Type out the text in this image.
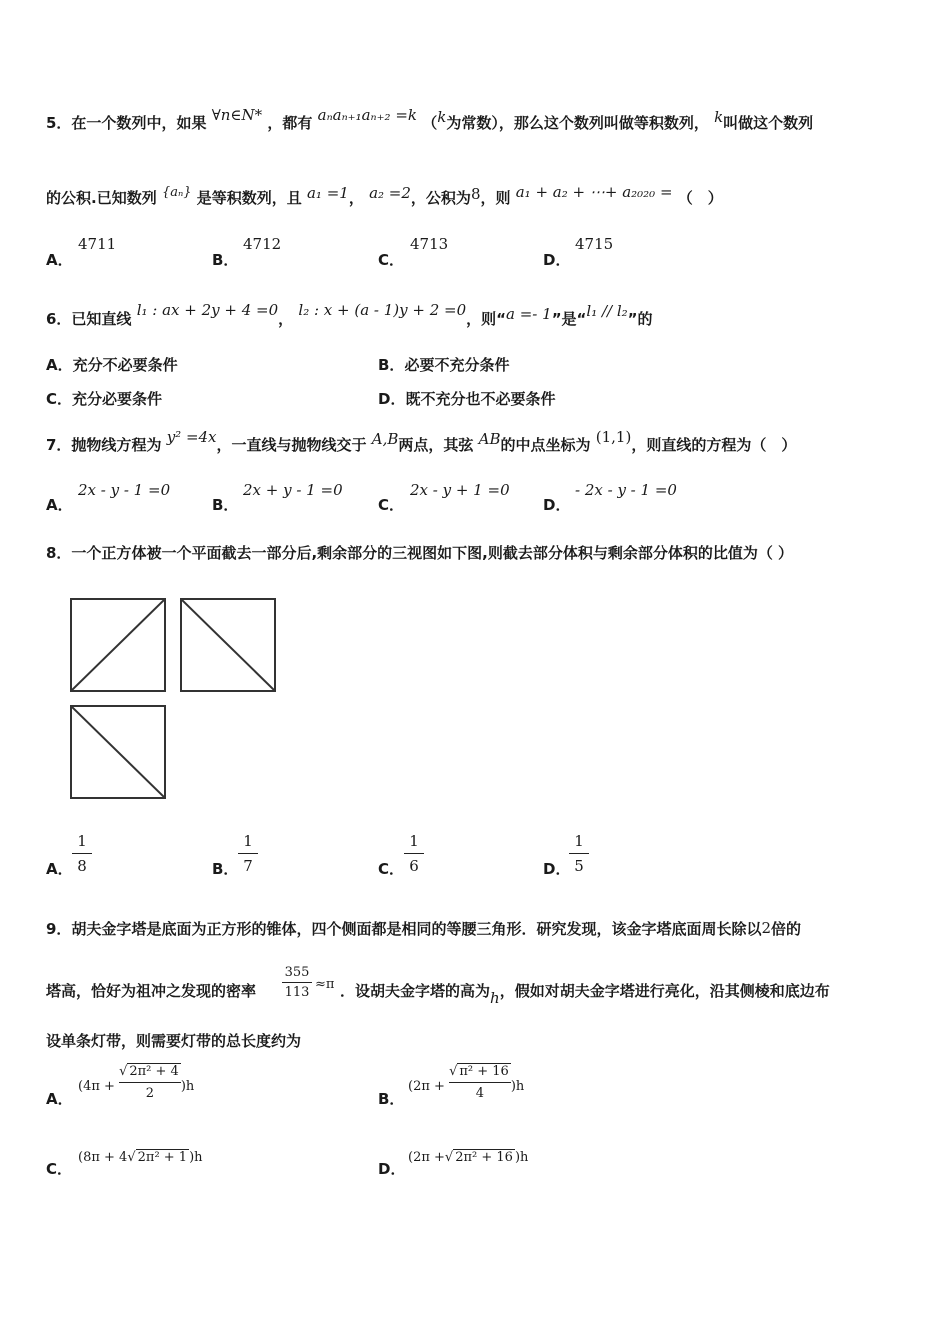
5．在一个数列中，如果 ∀n∈N* ，都有 aₙaₙ₊₁aₙ₊₂ =k （k为常数），那么这个数列叫做等积数列， k叫做这个数列
的公积.已知数列 {aₙ} 是等积数列，且 a₁ =1， a₂ =2，公积为8，则 a₁ + a₂ + ⋯+ a₂₀₂₀ = （　）
A．
4711
B．
4712
C．
4713
D．
4715
6．已知直线 l₁ : ax + 2y + 4 =0， l₂ : x + (a - 1)y + 2 =0，则“a =- 1”是“l₁ // l₂”的
A．充分不必要条件	B．必要不充分条件
C．充分必要条件	D．既不充分也不必要条件
7．抛物线方程为 y² =4x，一直线与抛物线交于 A,B两点，其弦 AB的中点坐标为 (1,1)，则直线的方程为（　）
A．
2x - y - 1 =0
B．
2x + y - 1 =0
C．
2x - y + 1 =0
D．
- 2x - y - 1 =0
8．一个正方体被一个平面截去一部分后,剩余部分的三视图如下图,则截去部分体积与剩余部分体积的比值为（ ）
A．
1
8	B．
1
7	C．
1
6	D．
1
5
9．胡夫金字塔是底面为正方形的锥体，四个侧面都是相同的等腰三角形．研究发现，该金字塔底面周长除以2倍的
塔高，恰好为祖冲之发现的密率
355
113
≈π ．设胡夫金字塔的高为h，假如对胡夫金字塔进行亮化，沿其侧棱和底边布
设单条灯带，则需要灯带的总长度约为
A．
$(4\pi + \frac{\text{√ 2π² + 4}}{2} )h$
B．
$(2\pi + \frac{\text{√ π² + 16}}{4} )h$
C．
(8π + 4√ 2π² + 1 )h
D．
(2π +√ 2π² + 16 )h
